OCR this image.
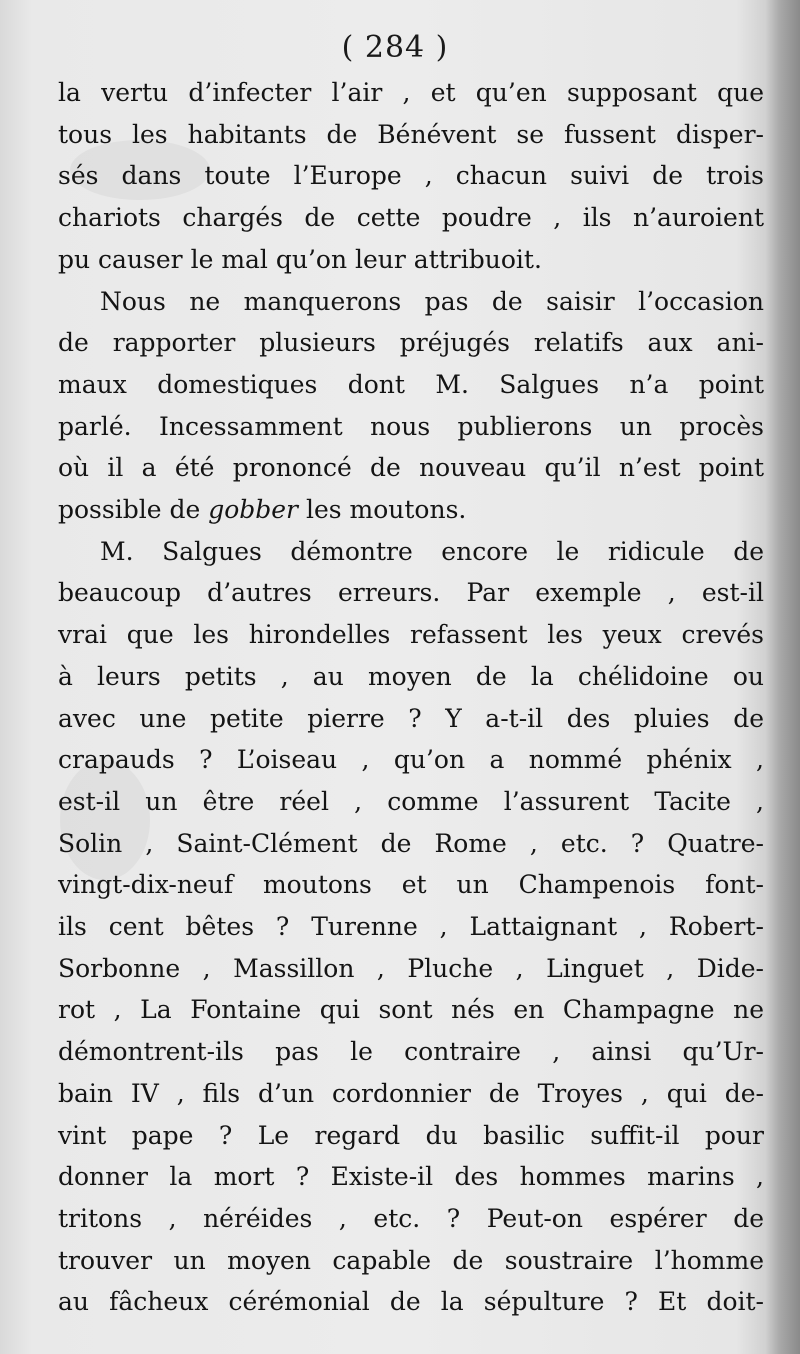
( 284 )
la vertu d’infecter l’air , et qu’en supposant que
tous les habitants de Bénévent se fussent disper-
sés dans toute l’Europe , chacun suivi de trois
chariots chargés de cette poudre , ils n’auroient
pu causer le mal qu’on leur attribuoit.
Nous ne manquerons pas de saisir l’occasion
de rapporter plusieurs préjugés relatifs aux ani-
maux domestiques dont M. Salgues n’a point
parlé. Incessamment nous publierons un procès
où il a été prononcé de nouveau qu’il n’est point
possible de gobber les moutons.
M. Salgues démontre encore le ridicule de
beaucoup d’autres erreurs. Par exemple , est-il
vrai que les hirondelles refassent les yeux crevés
à leurs petits , au moyen de la chélidoine ou
avec une petite pierre ? Y a-t-il des pluies de
crapauds ? L’oiseau , qu’on a nommé phénix ,
est-il un être réel , comme l’assurent Tacite ,
Solin , Saint-Clément de Rome , etc. ? Quatre-
vingt-dix-neuf moutons et un Champenois font-
ils cent bêtes ? Turenne , Lattaignant , Robert-
Sorbonne , Massillon , Pluche , Linguet , Dide-
rot , La Fontaine qui sont nés en Champagne ne
démontrent-ils pas le contraire , ainsi qu’Ur-
bain IV , fils d’un cordonnier de Troyes , qui de-
vint pape ? Le regard du basilic suffit-il pour
donner la mort ? Existe-il des hommes marins ,
tritons , néréides , etc. ? Peut-on espérer de
trouver un moyen capable de soustraire l’homme
au fâcheux cérémonial de la sépulture ? Et doit-
